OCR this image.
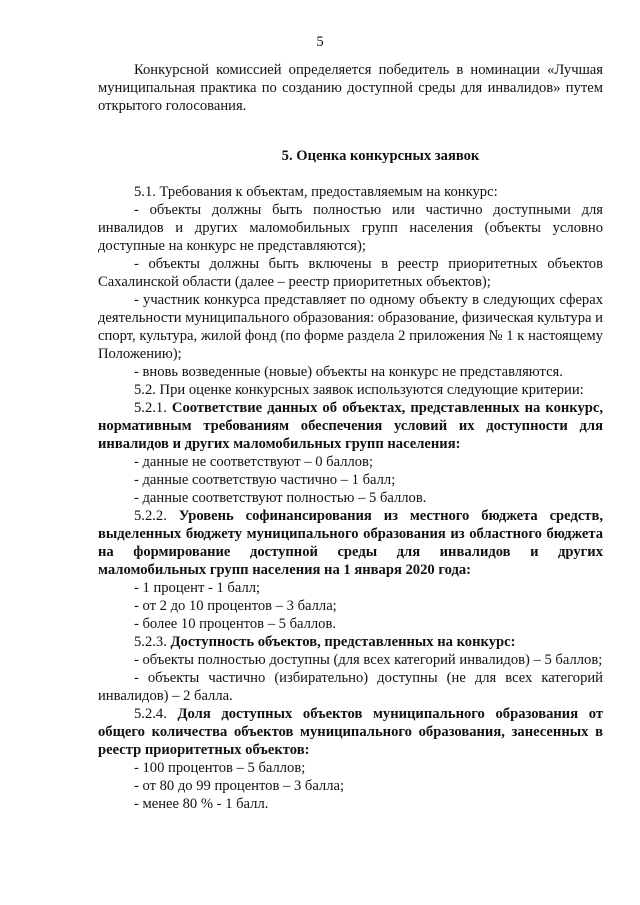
5

Конкурсной комиссией определяется победитель в номинации «Лучшая муниципальная практика по созданию доступной среды для инвалидов» путем открытого голосования.

5. Оценка конкурсных заявок

5.1. Требования к объектам, предоставляемым на конкурс:

- объекты должны быть полностью или частично доступными для инвалидов и других маломобильных групп населения (объекты условно доступные на конкурс не представляются);

- объекты должны быть включены в реестр приоритетных объектов Сахалинской области (далее – реестр приоритетных объектов);

- участник конкурса представляет по одному объекту в следующих сферах деятельности муниципального образования: образование, физическая культура и спорт, культура, жилой фонд (по форме раздела 2 приложения № 1 к настоящему Положению);

- вновь возведенные (новые) объекты на конкурс не представляются.

5.2. При оценке конкурсных заявок используются следующие критерии:

5.2.1. Соответствие данных об объектах, представленных на конкурс, нормативным требованиям обеспечения условий их доступности для инвалидов и других маломобильных групп населения:

- данные не соответствуют – 0 баллов;

- данные соответствую частично – 1 балл;

- данные соответствуют полностью – 5 баллов.

5.2.2. Уровень софинансирования из местного бюджета средств, выделенных бюджету муниципального образования из областного бюджета на формирование доступной среды для инвалидов и других маломобильных групп населения на 1 января 2020 года:

- 1 процент - 1 балл;

- от 2 до 10 процентов – 3 балла;

- более 10 процентов – 5 баллов.

5.2.3. Доступность объектов, представленных на конкурс:

- объекты полностью доступны (для всех категорий инвалидов) – 5 баллов;

- объекты частично (избирательно) доступны (не для всех категорий инвалидов) – 2 балла.

5.2.4. Доля доступных объектов муниципального образования от общего количества объектов муниципального образования, занесенных в реестр приоритетных объектов:

- 100 процентов – 5 баллов;

- от 80 до 99 процентов – 3 балла;

- менее 80 % - 1 балл.
